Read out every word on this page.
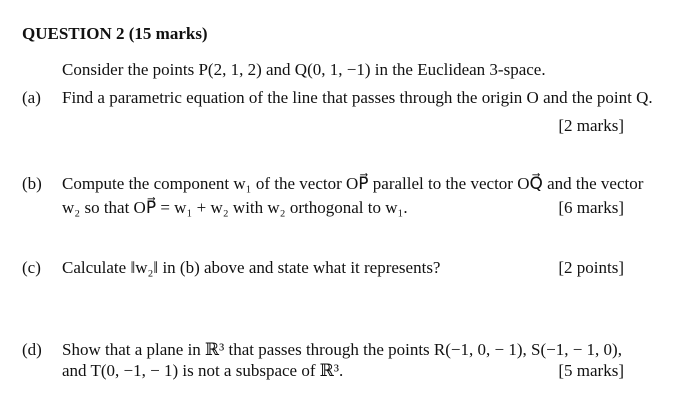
QUESTION 2 (15 marks)
Consider the points P(2, 1, 2) and Q(0, 1, −1) in the Euclidean 3-space.
(a) Find a parametric equation of the line that passes through the origin O and the point Q.
[2 marks]
(b) Compute the component w₁ of the vector OP⃗ parallel to the vector OQ⃗ and the vector
w₂ so that OP⃗ = w₁ + w₂ with w₂ orthogonal to w₁.	[6 marks]
(c) Calculate ‖w₂‖ in (b) above and state what it represents?	[2 points]
(d) Show that a plane in ℝ³ that passes through the points R(−1, 0, − 1), S(−1, − 1, 0),
and T(0, −1, − 1) is not a subspace of ℝ³.	[5 marks]
